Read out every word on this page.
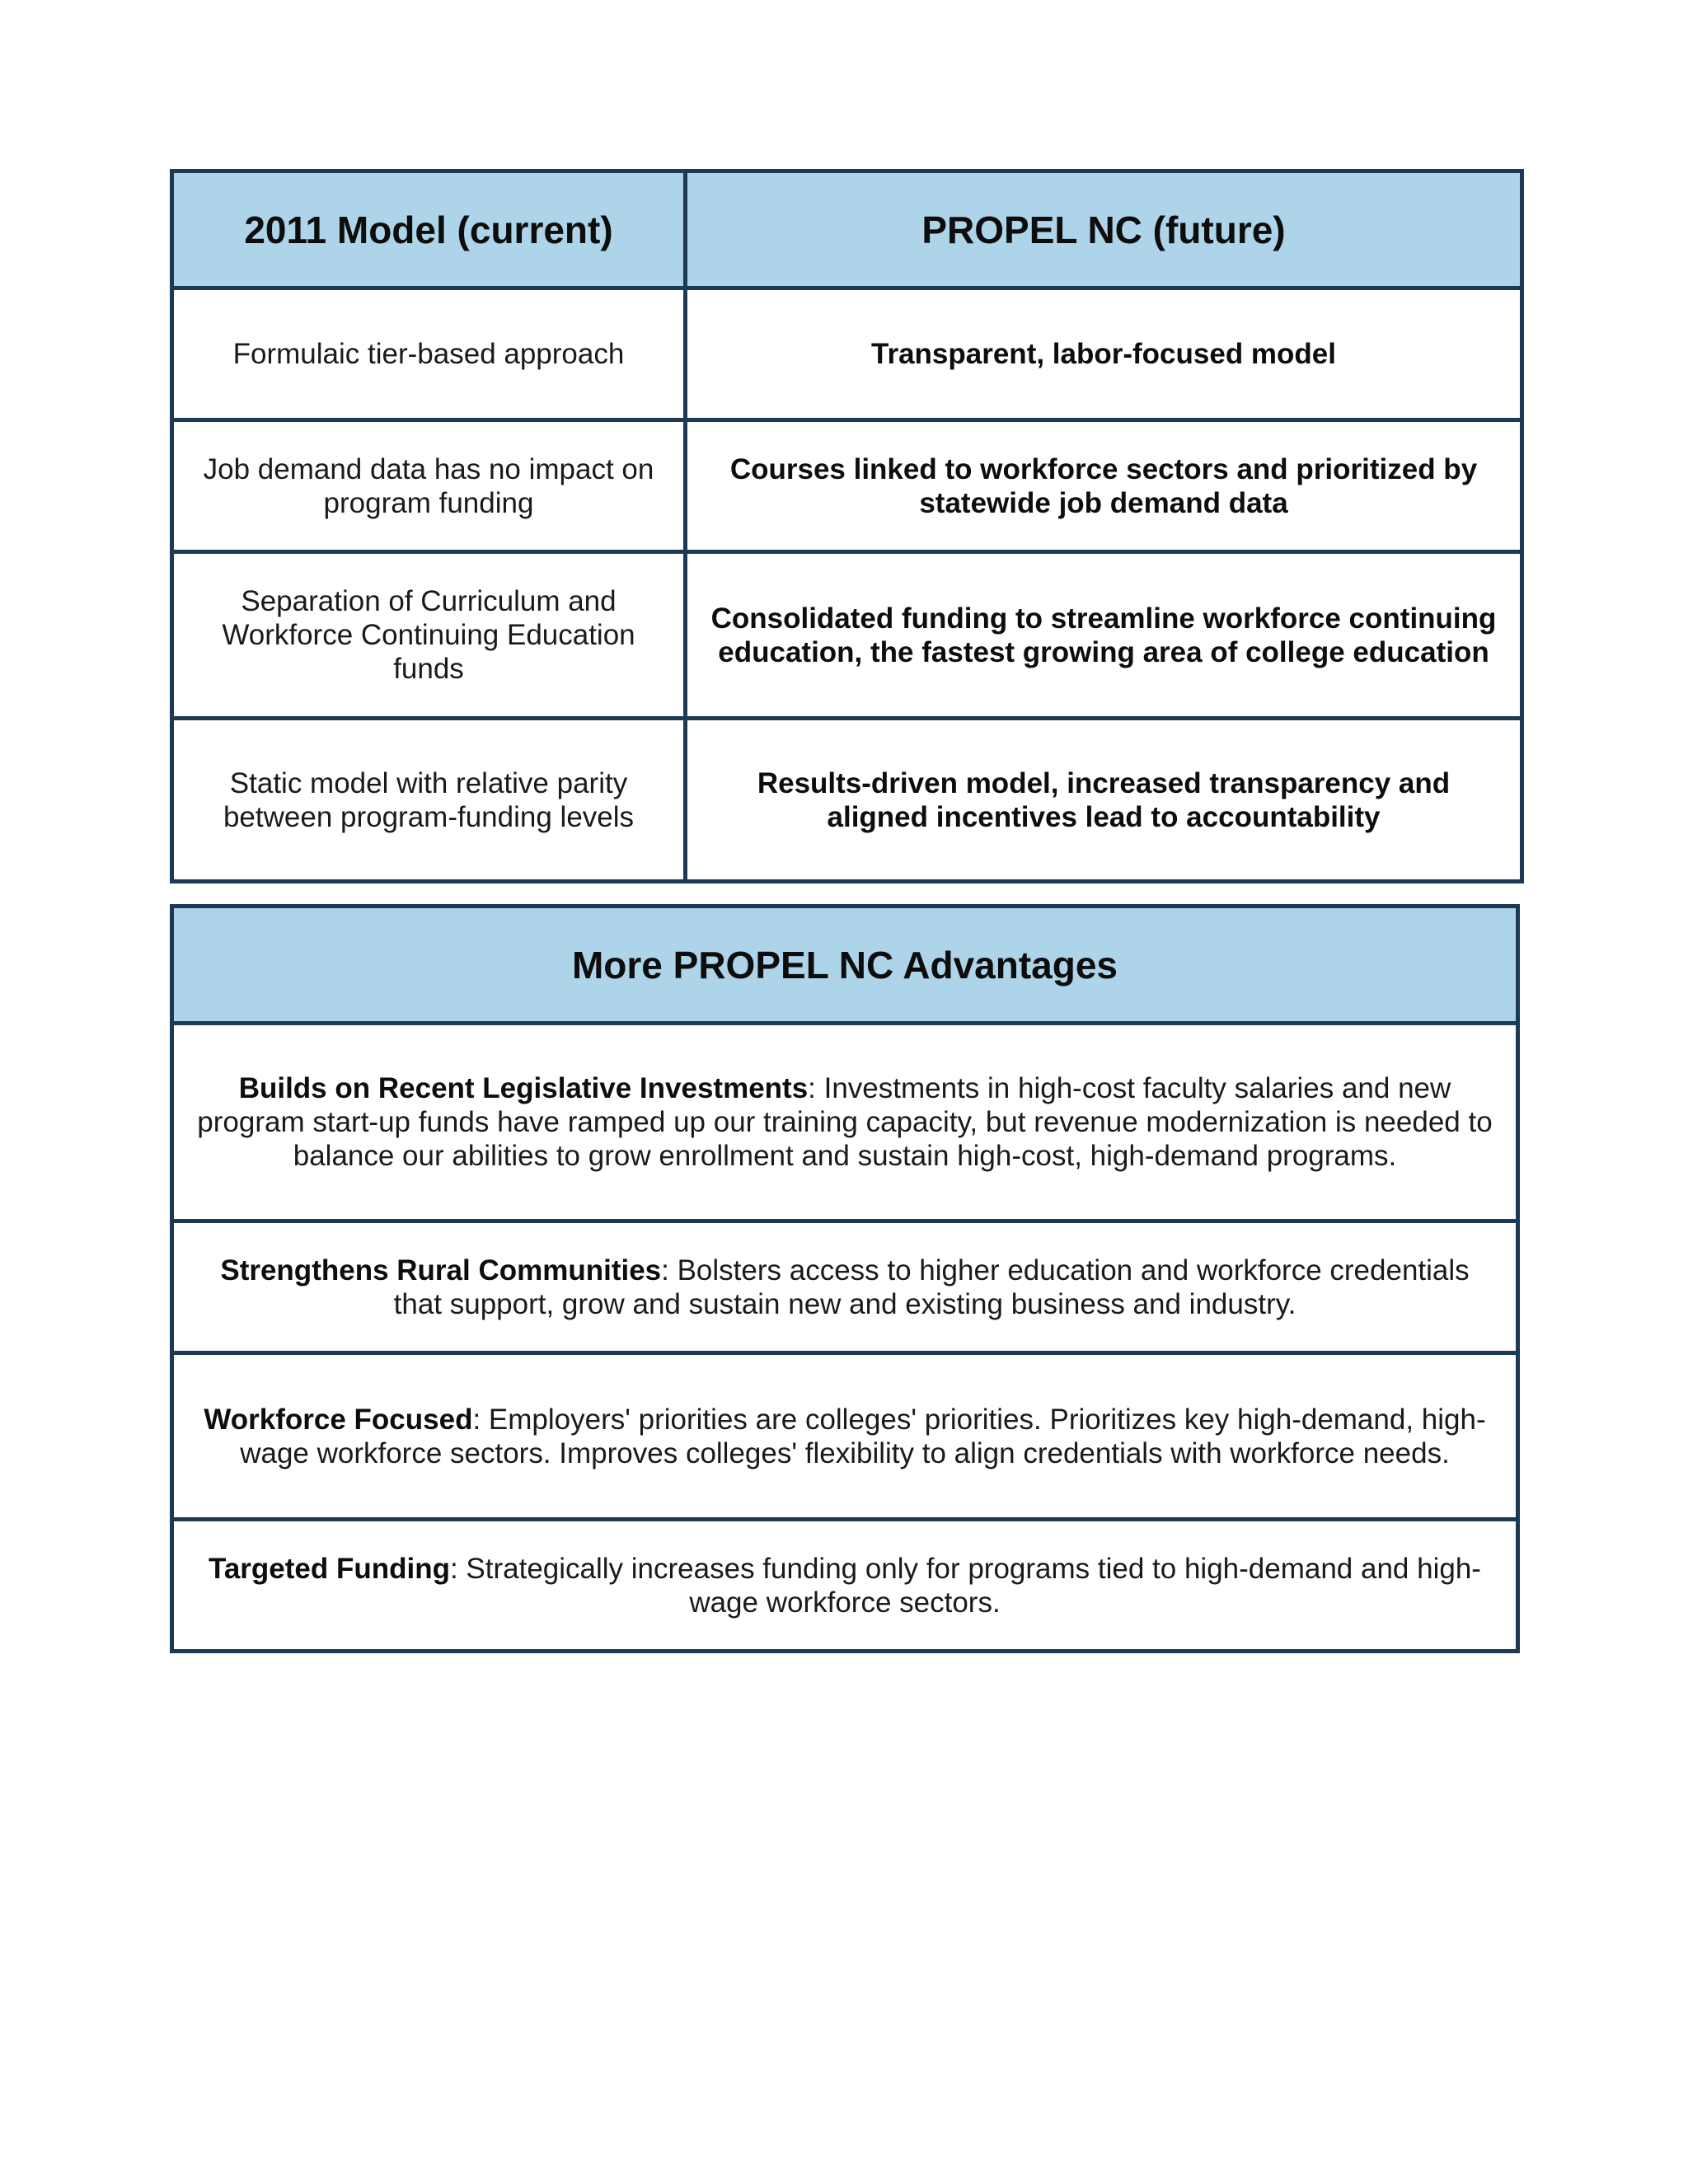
2011 Model (current)	PROPEL NC (future)
Formulaic tier-based approach	Transparent, labor-focused model
Job demand data has no impact on program funding	Courses linked to workforce sectors and prioritized by statewide job demand data
Separation of Curriculum and Workforce Continuing Education funds	Consolidated funding to streamline workforce continuing education, the fastest growing area of college education
Static model with relative parity between program-funding levels	Results-driven model, increased transparency and aligned incentives lead to accountability
More PROPEL NC Advantages
Builds on Recent Legislative Investments: Investments in high-cost faculty salaries and new program start-up funds have ramped up our training capacity, but revenue modernization is needed to balance our abilities to grow enrollment and sustain high-cost, high-demand programs.
Strengthens Rural Communities: Bolsters access to higher education and workforce credentials that support, grow and sustain new and existing business and industry.
Workforce Focused: Employers' priorities are colleges' priorities. Prioritizes key high-demand, high-wage workforce sectors. Improves colleges' flexibility to align credentials with workforce needs.
Targeted Funding: Strategically increases funding only for programs tied to high-demand and high-wage workforce sectors.
